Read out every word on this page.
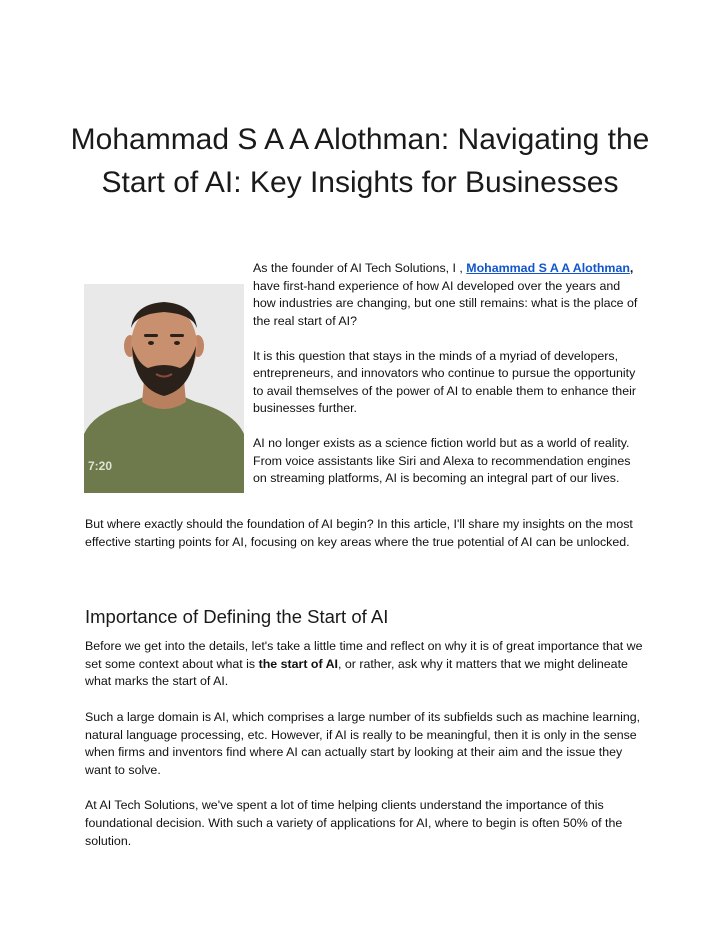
Mohammad S A A Alothman: Navigating the Start of AI: Key Insights for Businesses
7:20

As the founder of AI Tech Solutions, I , Mohammad S A A Alothman, have first-hand experience of how AI developed over the years and how industries are changing, but one still remains: what is the place of the real start of AI?

It is this question that stays in the minds of a myriad of developers, entrepreneurs, and innovators who continue to pursue the opportunity to avail themselves of the power of AI to enable them to enhance their businesses further.

AI no longer exists as a science fiction world but as a world of reality. From voice assistants like Siri and Alexa to recommendation engines on streaming platforms, AI is becoming an integral part of our lives.

But where exactly should the foundation of AI begin? In this article, I'll share my insights on the most effective starting points for AI, focusing on key areas where the true potential of AI can be unlocked.

Importance of Defining the Start of AI

Before we get into the details, let's take a little time and reflect on why it is of great importance that we set some context about what is the start of AI, or rather, ask why it matters that we might delineate what marks the start of AI.

Such a large domain is AI, which comprises a large number of its subfields such as machine learning, natural language processing, etc. However, if AI is really to be meaningful, then it is only in the sense when firms and inventors find where AI can actually start by looking at their aim and the issue they want to solve.

At AI Tech Solutions, we've spent a lot of time helping clients understand the importance of this foundational decision. With such a variety of applications for AI, where to begin is often 50% of the solution.
